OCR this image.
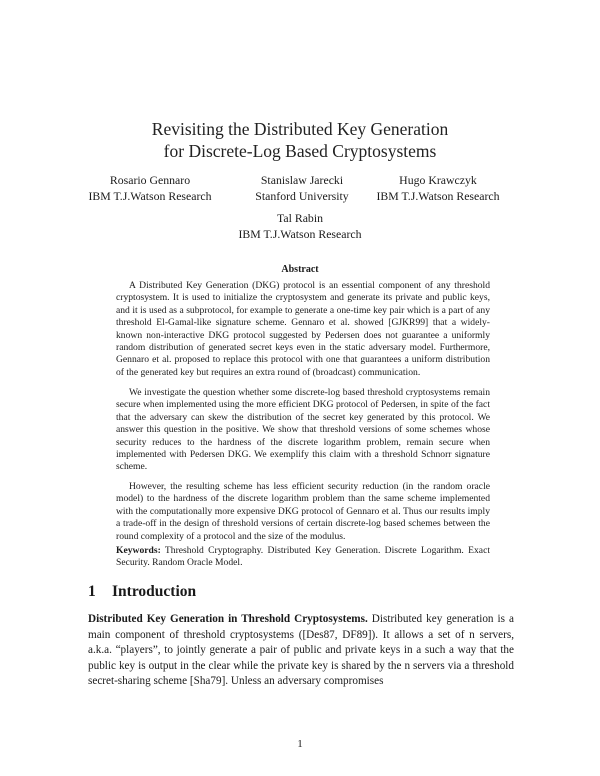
Revisiting the Distributed Key Generation
for Discrete-Log Based Cryptosystems
Rosario Gennaro
IBM T.J.Watson Research
Stanislaw Jarecki
Stanford University
Hugo Krawczyk
IBM T.J.Watson Research
Tal Rabin
IBM T.J.Watson Research
Abstract

A Distributed Key Generation (DKG) protocol is an essential component of any threshold cryptosystem. It is used to initialize the cryptosystem and generate its private and public keys, and it is used as a subprotocol, for example to generate a one-time key pair which is a part of any threshold El-Gamal-like signature scheme. Gennaro et al. showed [GJKR99] that a widely-known non-interactive DKG protocol suggested by Pedersen does not guarantee a uniformly random distribution of generated secret keys even in the static adversary model. Furthermore, Gennaro et al. proposed to replace this protocol with one that guarantees a uniform distribution of the generated key but requires an extra round of (broadcast) communication.

We investigate the question whether some discrete-log based threshold cryptosystems remain secure when implemented using the more efficient DKG protocol of Pedersen, in spite of the fact that the adversary can skew the distribution of the secret key generated by this protocol. We answer this question in the positive. We show that threshold versions of some schemes whose security reduces to the hardness of the discrete logarithm problem, remain secure when implemented with Pedersen DKG. We exemplify this claim with a threshold Schnorr signature scheme.

However, the resulting scheme has less efficient security reduction (in the random oracle model) to the hardness of the discrete logarithm problem than the same scheme implemented with the computationally more expensive DKG protocol of Gennaro et al. Thus our results imply a trade-off in the design of threshold versions of certain discrete-log based schemes between the round complexity of a protocol and the size of the modulus.

Keywords: Threshold Cryptography. Distributed Key Generation. Discrete Logarithm. Exact Security. Random Oracle Model.

1 Introduction

Distributed Key Generation in Threshold Cryptosystems. Distributed key generation is a main component of threshold cryptosystems ([Des87, DF89]). It allows a set of n servers, a.k.a. “players”, to jointly generate a pair of public and private keys in a such a way that the public key is output in the clear while the private key is shared by the n servers via a threshold secret-sharing scheme [Sha79]. Unless an adversary compromises

1
